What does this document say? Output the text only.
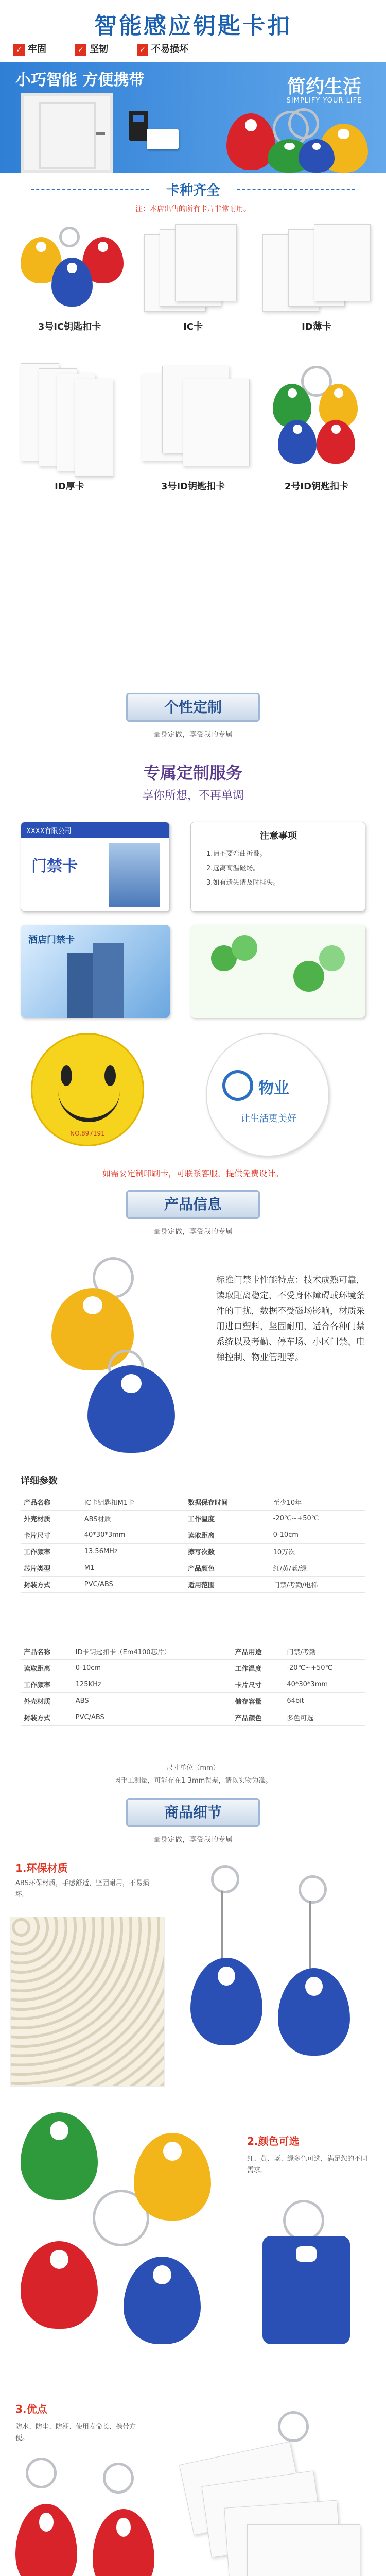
智能感应钥匙卡扣
✓ 牢固	✓ 坚韧	✓ 不易损坏
小巧智能 方便携带	简约生活
SIMPLIFY YOUR LIFE
卡种齐全
注：本店出售的所有卡片非常耐用。
3号IC钥匙扣卡	IC卡	ID薄卡
ID厚卡	3号ID钥匙扣卡	2号ID钥匙扣卡
个性定制
量身定做，享受我的专属
专属定制服务
享你所想，不再单调
XXXX有限公司
门禁卡
注意事项
1.请不要弯曲折叠。
2.远离高温磁场。
3.如有遗失请及时挂失。
酒店门禁卡
NO.897191
物业
让生活更美好
如需要定制印刷卡，可联系客服，提供免费设计。
产品信息
量身定做，享受我的专属
标准门禁卡性能特点：技术成熟可靠，读取距离稳定，不受身体障碍或环境条件的干扰，数据不受磁场影响，材质采用进口塑料，坚固耐用，适合各种门禁系统以及考勤、停车场、小区门禁、电梯控制、物业管理等。
详细参数
产品名称	IC卡钥匙扣M1卡	数据保存时间	至少10年
外壳材质	ABS材质	工作温度	-20℃~+50℃
卡片尺寸	40*30*3mm	读取距离	0-10cm
工作频率	13.56MHz	擦写次数	10万次
芯片类型	M1	产品颜色	红/黄/蓝/绿
封装方式	PVC/ABS	适用范围	门禁/考勤/电梯
产品名称	ID卡钥匙扣卡（Em4100芯片）	产品用途	门禁/考勤
读取距离	0-10cm	工作温度	-20℃~+50℃
工作频率	125KHz	卡片尺寸	40*30*3mm
外壳材质	ABS	储存容量	64bit
封装方式	PVC/ABS	产品颜色	多色可选
尺寸单位（mm）
因手工测量，可能存在1-3mm误差，请以实物为准。
商品细节
量身定做，享受我的专属
1.环保材质
ABS环保材质，手感舒适，坚固耐用，不易损坏。
2.颜色可选
红、黄、蓝、绿多色可选，满足您的不同需求。
3.优点
防水、防尘、防潮、使用寿命长、携带方便。
